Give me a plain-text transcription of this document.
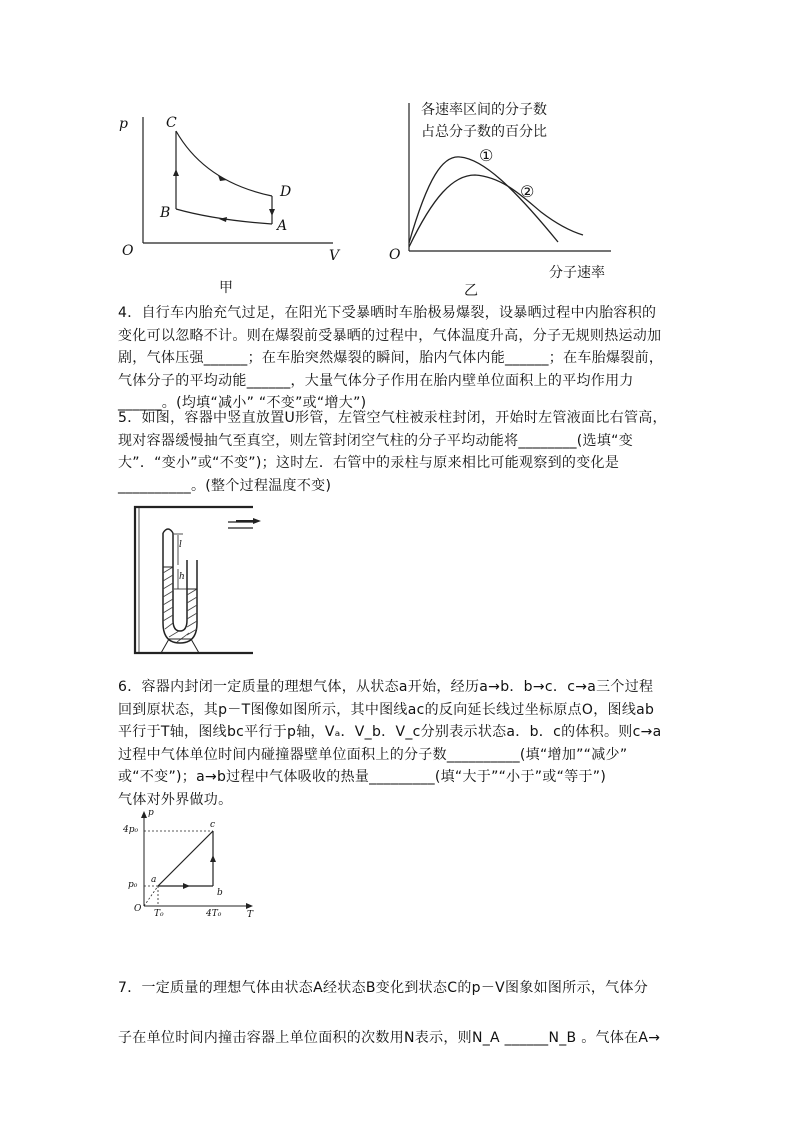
p	C
B
D
A
O	V
甲
各速率区间的分子数
占总分子数的百分比
①
②
O
分子速率
乙

4．自行车内胎充气过足，在阳光下受暴晒时车胎极易爆裂，设暴晒过程中内胎容积的

变化可以忽略不计。则在爆裂前受暴晒的过程中，气体温度升高，分子无规则热运动加

剧，气体压强______；在车胎突然爆裂的瞬间，胎内气体内能______；在车胎爆裂前，

气体分子的平均动能______，大量气体分子作用在胎内壁单位面积上的平均作用力

______。(均填“减小” “不变”或“增大”)

5．如图，容器中竖直放置U形管，左管空气柱被汞柱封闭，开始时左管液面比右管高，

现对容器缓慢抽气至真空，则左管封闭空气柱的分子平均动能将________(选填“变

大”．“变小”或“不变”)；这时左．右管中的汞柱与原来相比可能观察到的变化是

__________。(整个过程温度不变)

l
h

6．容器内封闭一定质量的理想气体，从状态a开始，经历a→b．b→c．c→a三个过程

回到原状态，其p－T图像如图所示，其中图线ac的反向延长线过坐标原点O，图线ab

平行于T轴，图线bc平行于p轴，Vₐ．V_b．V_c分别表示状态a．b．c的体积。则c→a

过程中气体单位时间内碰撞器壁单位面积上的分子数__________(填“增加”“减少”

或“不变”)；a→b过程中气体吸收的热量_________(填“大于”“小于”或“等于”)

气体对外界做功。

p
4p₀
p₀
O T₀	4T₀	T
a
b
c

7．一定质量的理想气体由状态A经状态B变化到状态C的p－V图象如图所示，气体分

子在单位时间内撞击容器上单位面积的次数用N表示，则N_A ______N_B 。气体在A→
